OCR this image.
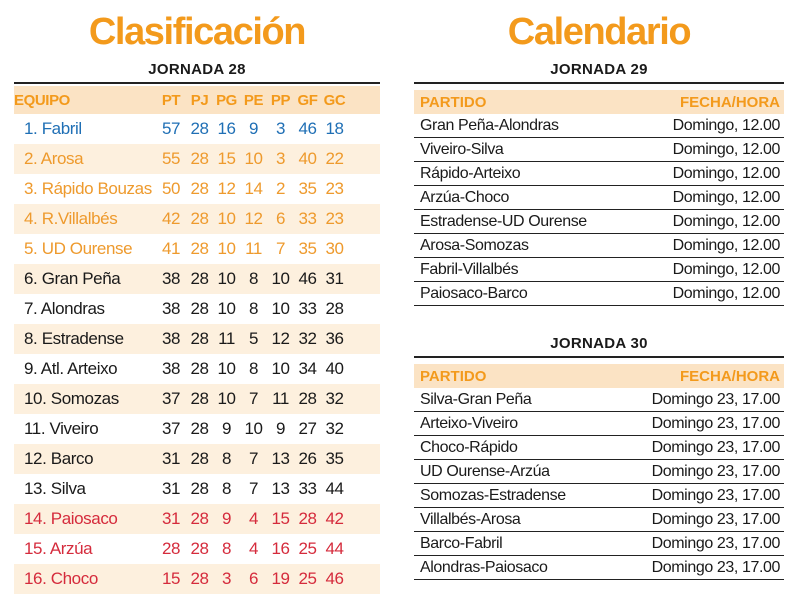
Clasificación
JORNADA 28
EQUIPO	PT PJ PG PE PP GF GC
1. Fabril	57 28 16 9	3 46 18
2. Arosa	55 28 15 10 3 40 22
3. Rápido Bouzas 50 28 12 14 2 35 23
4. R.Villalbés	42 28 10 12 6 33 23
5. UD Ourense	41 28 10 11 7 35 30
6. Gran Peña	38 28 10 8 10 46 31
7. Alondras	38 28 10 8 10 33 28
8. Estradense	38 28 11 5 12 32 36
9. Atl. Arteixo	38 28 10 8 10 34 40
10. Somozas	37 28 10 7 11 28 32
11. Viveiro	37 28 9 10 9 27 32
12. Barco	31 28 8	7 13 26 35
13. Silva	31 28 8	7 13 33 44
14. Paiosaco	31 28 9	4 15 28 42
15. Arzúa	28 28 8	4 16 25 44
16. Choco	15 28 3	6 19 25 46
Calendario
JORNADA 29
PARTIDO	FECHA/HORA
Gran Peña-Alondras	Domingo, 12.00
Viveiro-Silva	Domingo, 12.00
Rápido-Arteixo	Domingo, 12.00
Arzúa-Choco	Domingo, 12.00
Estradense-UD Ourense	Domingo, 12.00
Arosa-Somozas	Domingo, 12.00
Fabril-Villalbés	Domingo, 12.00
Paiosaco-Barco	Domingo, 12.00
JORNADA 30
PARTIDO	FECHA/HORA
Silva-Gran Peña	Domingo 23, 17.00
Arteixo-Viveiro	Domingo 23, 17.00
Choco-Rápido	Domingo 23, 17.00
UD Ourense-Arzúa	Domingo 23, 17.00
Somozas-Estradense	Domingo 23, 17.00
Villalbés-Arosa	Domingo 23, 17.00
Barco-Fabril	Domingo 23, 17.00
Alondras-Paiosaco	Domingo 23, 17.00
